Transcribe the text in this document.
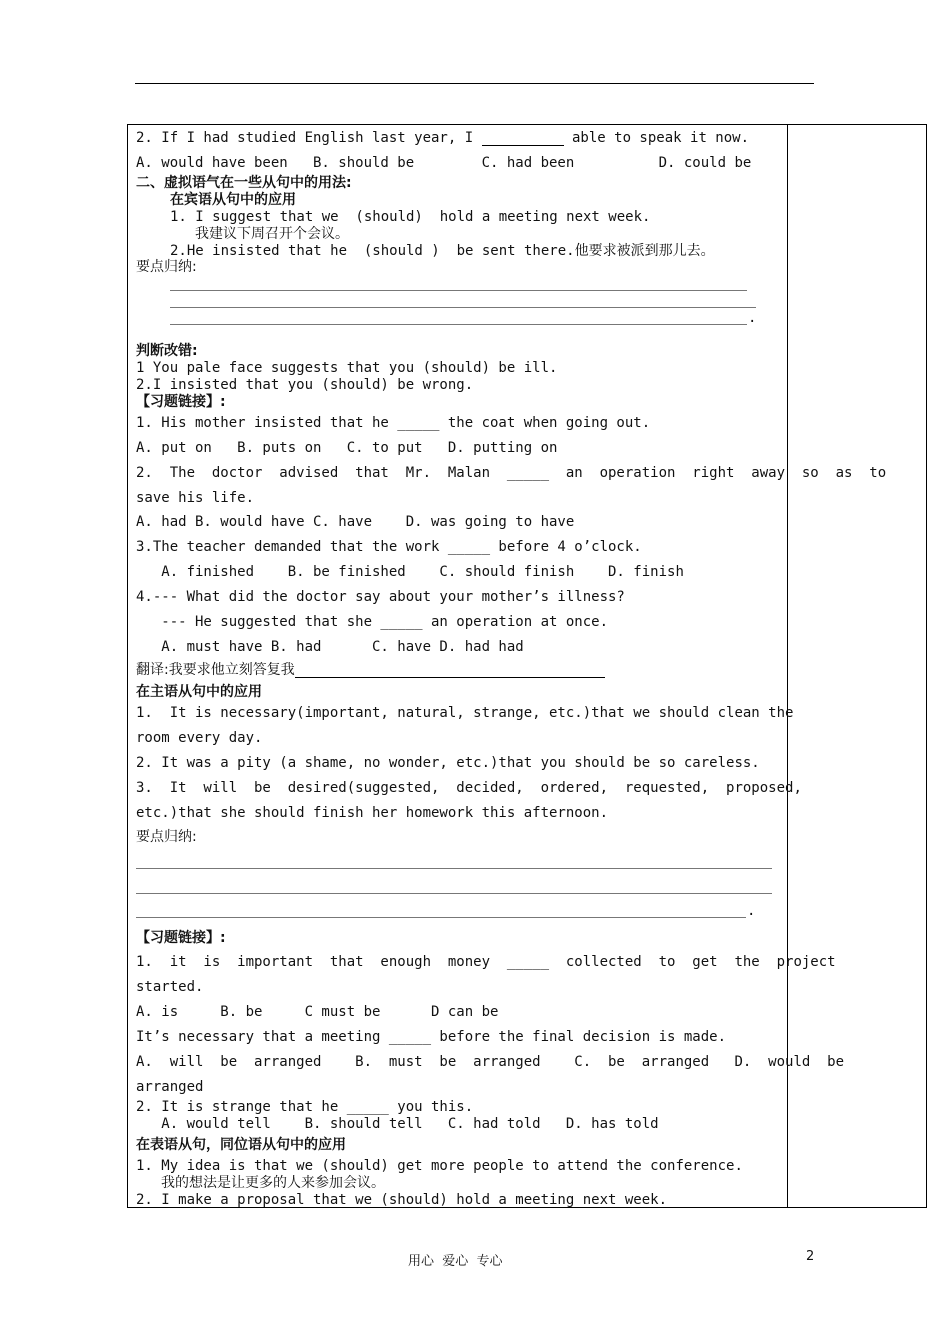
2. If I had studied English last year, I	able to speak it now.
A. would have been   B. should be        C. had been          D. could be
二、虚拟语气在一些从句中的用法:
在宾语从句中的应用
1. I suggest that we  (should)  hold a meeting next week.
我建议下周召开个会议。
2.He insisted that he  (should )  be sent there.他要求被派到那儿去。
要点归纳:
.
判断改错:
1 You pale face suggests that you (should) be ill.
2.I insisted that you (should) be wrong.
【习题链接】:
1. His mother insisted that he _____ the coat when going out.
A. put on   B. puts on   C. to put   D. putting on
2.  The  doctor  advised  that  Mr.  Malan  _____  an  operation  right  away  so  as  to
save his life.
A. had B. would have C. have    D. was going to have
3.The teacher demanded that the work _____ before 4 o’clock.
A. finished    B. be finished    C. should finish    D. finish
4.--- What did the doctor say about your mother’s illness?
--- He suggested that she _____ an operation at once.
A. must have B. had      C. have D. had had
翻译:我要求他立刻答复我
在主语从句中的应用
1.  It is necessary(important, natural, strange, etc.)that we should clean the
room every day.
2. It was a pity (a shame, no wonder, etc.)that you should be so careless.
3.  It  will  be  desired(suggested,  decided,  ordered,  requested,  proposed,
etc.)that she should finish her homework this afternoon.
要点归纳:
.
【习题链接】:
1.  it  is  important  that  enough  money  _____  collected  to  get  the  project
started.
A. is     B. be     C must be      D can be
It’s necessary that a meeting _____ before the final decision is made.
A.  will  be  arranged    B.  must  be  arranged    C.  be  arranged   D.  would  be
arranged
2. It is strange that he _____ you this.
A. would tell    B. should tell   C. had told   D. has told
在表语从句，同位语从句中的应用
1. My idea is that we (should) get more people to attend the conference.
我的想法是让更多的人来参加会议。
2. I make a proposal that we (should) hold a meeting next week.
用心  爱心  专心	2
